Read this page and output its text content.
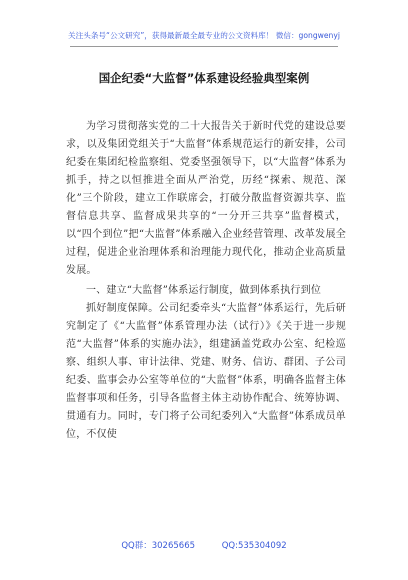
关注头条号“公文研究”，获得最新最全最专业的公文资料库！ 微信：gongwenyj
国企纪委“大监督”体系建设经验典型案例

为学习贯彻落实党的二十大报告关于新时代党的建设总要求，以及集团党组关于“大监督”体系规范运行的新安排，公司纪委在集团纪检监察组、党委坚强领导下，以“大监督”体系为抓手，持之以恒推进全面从严治党，历经“探索、规范、深化”三个阶段，建立工作联席会，打破分散监督资源共享、监督信息共享、监督成果共享的“一分开三共享”监督模式，以“四个到位”把“大监督”体系融入企业经营管理、改革发展全过程，促进企业治理体系和治理能力现代化，推动企业高质量发展。

一、建立“大监督”体系运行制度，做到体系执行到位

抓好制度保障。公司纪委牵头“大监督”体系运行，先后研究制定了《“大监督”体系管理办法（试行）》《关于进一步规范“大监督”体系的实施办法》，组建涵盖党政办公室、纪检巡察、组织人事、审计法律、党建、财务、信访、群团、子公司纪委、监事会办公室等单位的“大监督”体系，明确各监督主体监督事项和任务，引导各监督主体主动协作配合、统筹协调、贯通有力。同时，专门将子公司纪委列入“大监督”体系成员单位，不仅使

QQ群：30265665	QQ:535304092
